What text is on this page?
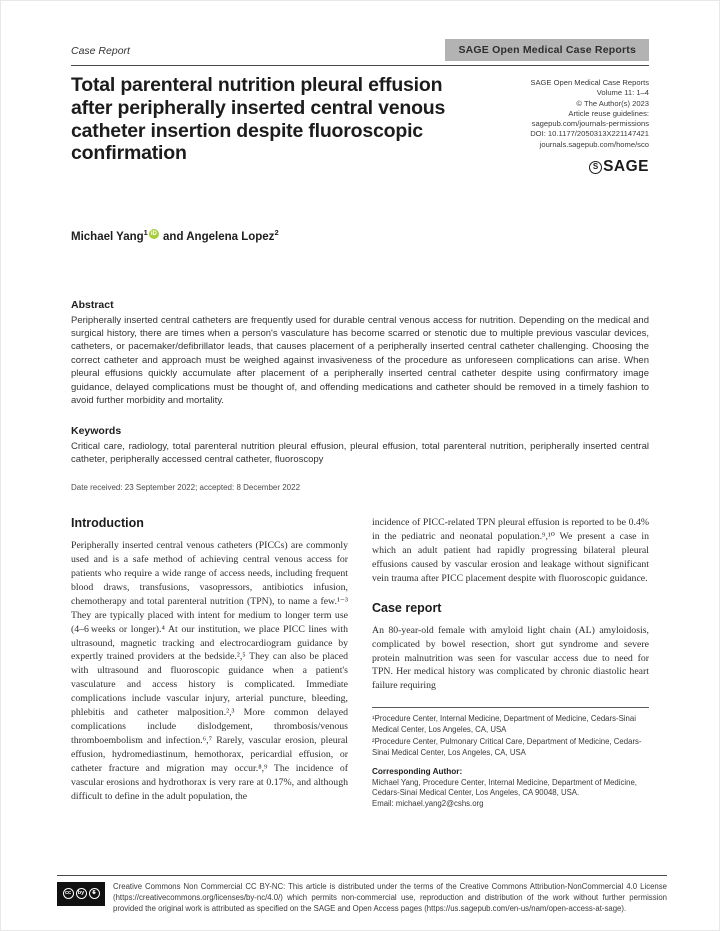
Case Report	SAGE Open Medical Case Reports
Total parenteral nutrition pleural effusion after peripherally inserted central venous catheter insertion despite fluoroscopic confirmation
SAGE Open Medical Case Reports
Volume 11: 1–4
© The Author(s) 2023
Article reuse guidelines:
sagepub.com/journals-permissions
DOI: 10.1177/2050313X221147421
journals.sagepub.com/home/sco
S SAGE
Michael Yang$^1$ iD and Angelena Lopez$^2$
Abstract

Peripherally inserted central catheters are frequently used for durable central venous access for nutrition. Depending on the medical and surgical history, there are times when a person's vasculature has become scarred or stenotic due to multiple previous vascular devices, catheters, or pacemaker/defibrillator leads, that causes placement of a peripherally inserted central catheter challenging. Choosing the correct catheter and approach must be weighed against invasiveness of the procedure as unforeseen complications can arise. When pleural effusions quickly accumulate after placement of a peripherally inserted central catheter despite using confirmatory image guidance, delayed complications must be thought of, and offending medications and catheter should be removed in a timely fashion to avoid further morbidity and mortality.

Keywords

Critical care, radiology, total parenteral nutrition pleural effusion, pleural effusion, total parenteral nutrition, peripherally inserted central catheter, peripherally accessed central catheter, fluoroscopy

Date received: 23 September 2022; accepted: 8 December 2022
Introduction

Peripherally inserted central venous catheters (PICCs) are commonly used and is a safe method of achieving central venous access for patients who require a wide range of access needs, including frequent blood draws, transfusions, vasopressors, antibiotics infusion, chemotherapy and total parenteral nutrition (TPN), to name a few.¹⁻³ They are typically placed with intent for medium to longer term use (4–6 weeks or longer).⁴ At our institution, we place PICC lines with ultrasound, magnetic tracking and electrocardiogram guidance by expertly trained providers at the bedside.²,⁵ They can also be placed with ultrasound and fluoroscopic guidance when a patient's vasculature and access history is complicated. Immediate complications include vascular injury, arterial puncture, bleeding, phlebitis and catheter malposition.²,³ More common delayed complications include dislodgement, thrombosis/venous thromboembolism and infection.⁶,⁷ Rarely, vascular erosion, pleural effusion, hydromediastinum, hemothorax, pericardial effusion, or catheter fracture and migration may occur.⁸,⁹ The incidence of vascular erosions and hydrothorax is very rare at 0.17%, and although difficult to define in the adult population, the

incidence of PICC-related TPN pleural effusion is reported to be 0.4% in the pediatric and neonatal population.⁹,¹⁰ We present a case in which an adult patient had rapidly progressing bilateral pleural effusions caused by vascular erosion and leakage without significant vein trauma after PICC placement despite with fluoroscopic guidance.

Case report

An 80-year-old female with amyloid light chain (AL) amyloidosis, complicated by bowel resection, short gut syndrome and severe protein malnutrition was seen for vascular access due to need for TPN. Her medical history was complicated by chronic diastolic heart failure requiring

¹Procedure Center, Internal Medicine, Department of Medicine, Cedars-Sinai Medical Center, Los Angeles, CA, USA
²Procedure Center, Pulmonary Critical Care, Department of Medicine, Cedars-Sinai Medical Center, Los Angeles, CA, USA
Corresponding Author:
Michael Yang, Procedure Center, Internal Medicine, Department of Medicine, Cedars-Sinai Medical Center, Los Angeles, CA 90048, USA.
Email: michael.yang2@cshs.org
cc	by	$
Creative Commons Non Commercial CC BY-NC: This article is distributed under the terms of the Creative Commons Attribution-NonCommercial 4.0 License (https://creativecommons.org/licenses/by-nc/4.0/) which permits non-commercial use, reproduction and distribution of the work without further permission provided the original work is attributed as specified on the SAGE and Open Access pages (https://us.sagepub.com/en-us/nam/open-access-at-sage).
